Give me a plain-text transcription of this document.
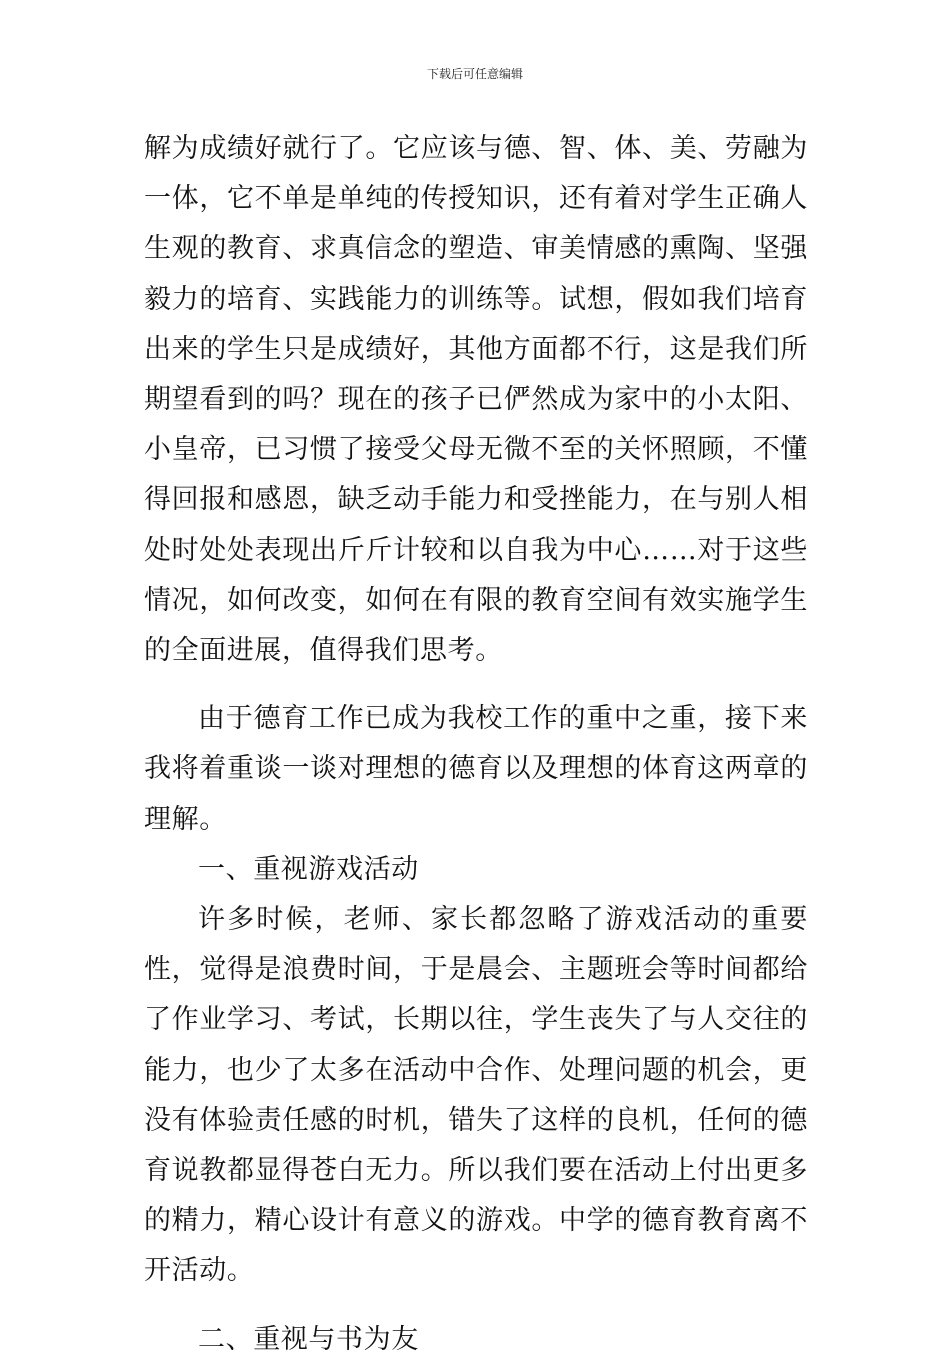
下载后可任意编辑

解为成绩好就行了。它应该与德、智、体、美、劳融为一体，它不单是单纯的传授知识，还有着对学生正确人生观的教育、求真信念的塑造、审美情感的熏陶、坚强毅力的培育、实践能力的训练等。试想，假如我们培育出来的学生只是成绩好，其他方面都不行，这是我们所期望看到的吗？现在的孩子已俨然成为家中的小太阳、小皇帝，已习惯了接受父母无微不至的关怀照顾，不懂得回报和感恩，缺乏动手能力和受挫能力，在与别人相处时处处表现出斤斤计较和以自我为中心……对于这些情况，如何改变，如何在有限的教育空间有效实施学生的全面进展，值得我们思考。

由于德育工作已成为我校工作的重中之重，接下来我将着重谈一谈对理想的德育以及理想的体育这两章的理解。

一、重视游戏活动

许多时候，老师、家长都忽略了游戏活动的重要性，觉得是浪费时间，于是晨会、主题班会等时间都给了作业学习、考试，长期以往，学生丧失了与人交往的能力，也少了太多在活动中合作、处理问题的机会，更没有体验责任感的时机，错失了这样的良机，任何的德育说教都显得苍白无力。所以我们要在活动上付出更多的精力，精心设计有意义的游戏。中学的德育教育离不开活动。

二、重视与书为友
